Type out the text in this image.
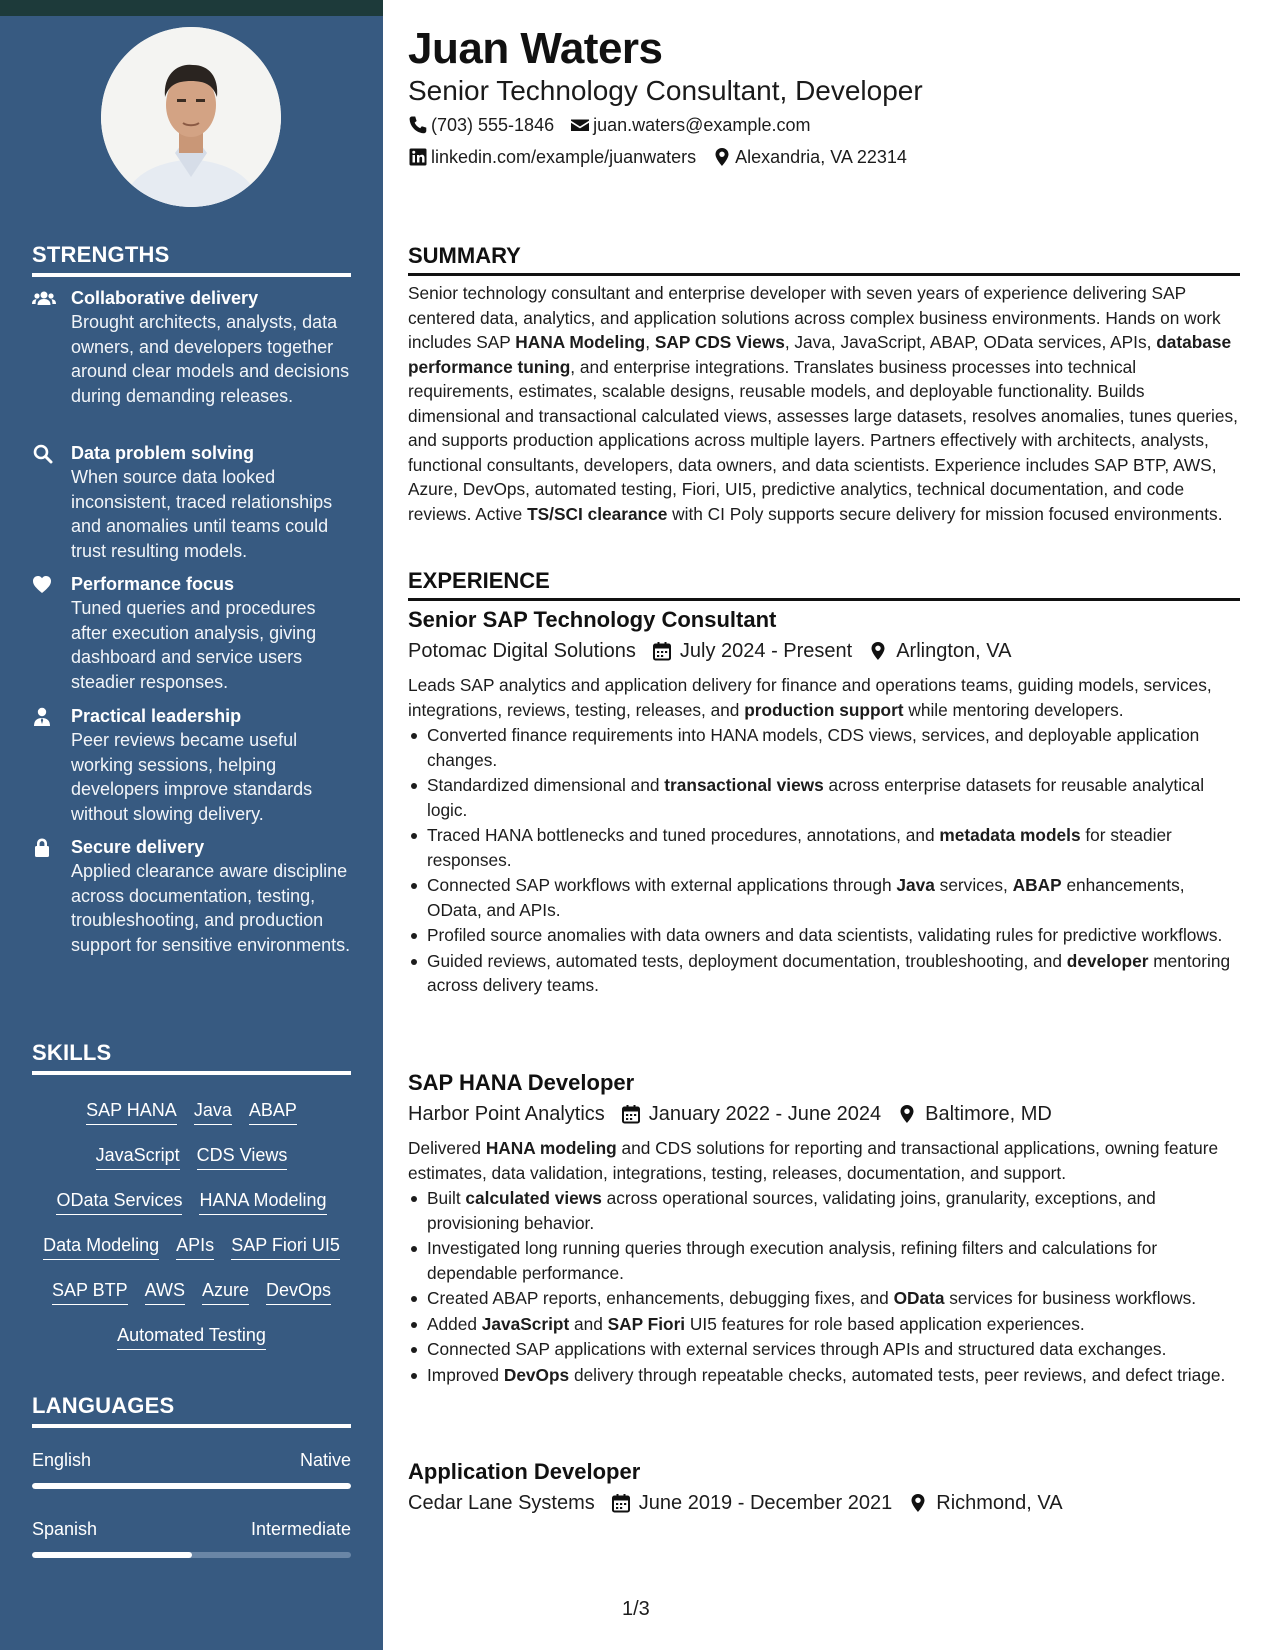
STRENGTHS
Collaborative delivery
Brought architects, analysts, data owners, and developers together around clear models and decisions during demanding releases.
Data problem solving
When source data looked inconsistent, traced relationships and anomalies until teams could trust resulting models.
Performance focus
Tuned queries and procedures after execution analysis, giving dashboard and service users steadier responses.
Practical leadership
Peer reviews became useful working sessions, helping developers improve standards without slowing delivery.
Secure delivery
Applied clearance aware discipline across documentation, testing, troubleshooting, and production support for sensitive environments.
SKILLS
SAP HANA Java ABAP
JavaScript CDS Views
OData Services HANA Modeling
Data Modeling APIs SAP Fiori UI5
SAP BTP AWS Azure DevOps
Automated Testing
LANGUAGES
English	Native
Spanish	Intermediate
Juan Waters
Senior Technology Consultant, Developer
(703) 555-1846 juan.waters@example.com
linkedin.com/example/juanwaters Alexandria, VA 22314
SUMMARY
Senior technology consultant and enterprise developer with seven years of experience delivering SAP centered data, analytics, and application solutions across complex business environments. Hands on work includes SAP HANA Modeling, SAP CDS Views, Java, JavaScript, ABAP, OData services, APIs, database performance tuning, and enterprise integrations. Translates business processes into technical requirements, estimates, scalable designs, reusable models, and deployable functionality. Builds dimensional and transactional calculated views, assesses large datasets, resolves anomalies, tunes queries, and supports production applications across multiple layers. Partners effectively with architects, analysts, functional consultants, developers, data owners, and data scientists. Experience includes SAP BTP, AWS, Azure, DevOps, automated testing, Fiori, UI5, predictive analytics, technical documentation, and code reviews. Active TS/SCI clearance with CI Poly supports secure delivery for mission focused environments.
EXPERIENCE
Senior SAP Technology Consultant
Potomac Digital Solutions July 2024 - Present Arlington, VA
Leads SAP analytics and application delivery for finance and operations teams, guiding models, services, integrations, reviews, testing, releases, and production support while mentoring developers.
Converted finance requirements into HANA models, CDS views, services, and deployable application changes.
Standardized dimensional and transactional views across enterprise datasets for reusable analytical logic.
Traced HANA bottlenecks and tuned procedures, annotations, and metadata models for steadier responses.
Connected SAP workflows with external applications through Java services, ABAP enhancements, OData, and APIs.
Profiled source anomalies with data owners and data scientists, validating rules for predictive workflows.
Guided reviews, automated tests, deployment documentation, troubleshooting, and developer mentoring across delivery teams.
SAP HANA Developer
Harbor Point Analytics January 2022 - June 2024 Baltimore, MD
Delivered HANA modeling and CDS solutions for reporting and transactional applications, owning feature estimates, data validation, integrations, testing, releases, documentation, and support.
Built calculated views across operational sources, validating joins, granularity, exceptions, and provisioning behavior.
Investigated long running queries through execution analysis, refining filters and calculations for dependable performance.
Created ABAP reports, enhancements, debugging fixes, and OData services for business workflows.
Added JavaScript and SAP Fiori UI5 features for role based application experiences.
Connected SAP applications with external services through APIs and structured data exchanges.
Improved DevOps delivery through repeatable checks, automated tests, peer reviews, and defect triage.
Application Developer
Cedar Lane Systems June 2019 - December 2021 Richmond, VA
1/3
